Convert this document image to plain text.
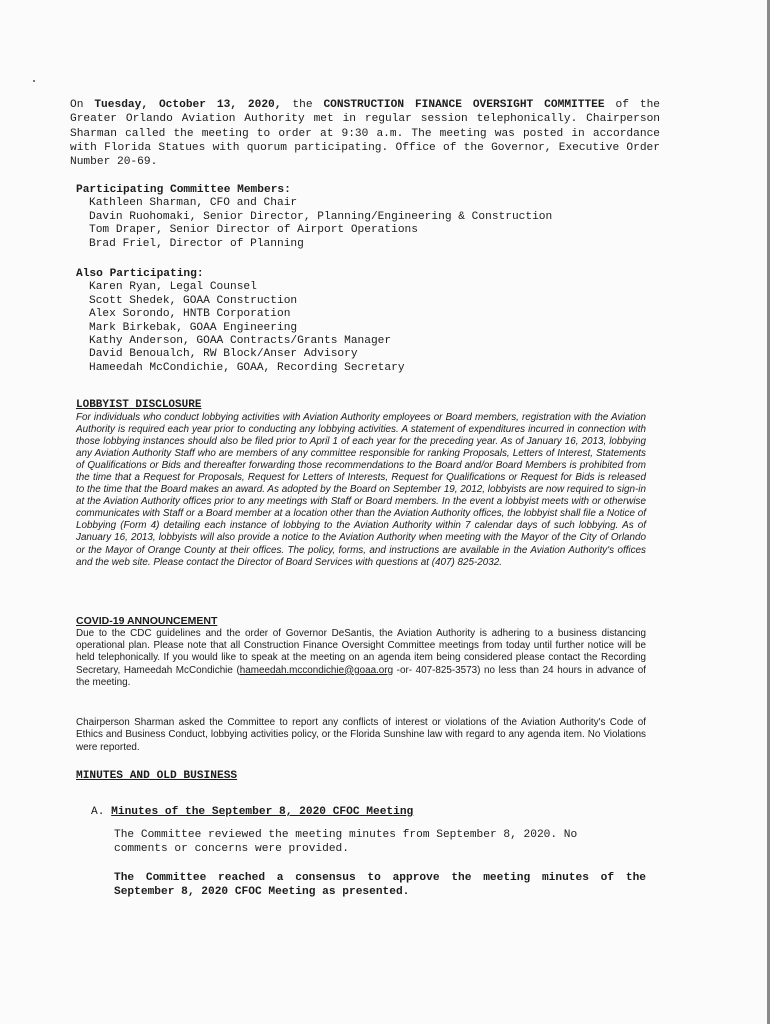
On Tuesday, October 13, 2020, the CONSTRUCTION FINANCE OVERSIGHT COMMITTEE of the Greater Orlando Aviation Authority met in regular session telephonically. Chairperson Sharman called the meeting to order at 9:30 a.m. The meeting was posted in accordance with Florida Statues with quorum participating. Office of the Governor, Executive Order Number 20-69.

Participating Committee Members:
Kathleen Sharman, CFO and Chair
Davin Ruohomaki, Senior Director, Planning/Engineering & Construction
Tom Draper, Senior Director of Airport Operations
Brad Friel, Director of Planning
Also Participating:
Karen Ryan, Legal Counsel
Scott Shedek, GOAA Construction
Alex Sorondo, HNTB Corporation
Mark Birkebak, GOAA Engineering
Kathy Anderson, GOAA Contracts/Grants Manager
David Benoualch, RW Block/Anser Advisory
Hameedah McCondichie, GOAA, Recording Secretary
LOBBYIST DISCLOSURE
For individuals who conduct lobbying activities with Aviation Authority employees or Board members, registration with the Aviation Authority is required each year prior to conducting any lobbying activities. A statement of expenditures incurred in connection with those lobbying instances should also be filed prior to April 1 of each year for the preceding year. As of January 16, 2013, lobbying any Aviation Authority Staff who are members of any committee responsible for ranking Proposals, Letters of Interest, Statements of Qualifications or Bids and thereafter forwarding those recommendations to the Board and/or Board Members is prohibited from the time that a Request for Proposals, Request for Letters of Interests, Request for Qualifications or Request for Bids is released to the time that the Board makes an award. As adopted by the Board on September 19, 2012, lobbyists are now required to sign-in at the Aviation Authority offices prior to any meetings with Staff or Board members. In the event a lobbyist meets with or otherwise communicates with Staff or a Board member at a location other than the Aviation Authority offices, the lobbyist shall file a Notice of Lobbying (Form 4) detailing each instance of lobbying to the Aviation Authority within 7 calendar days of such lobbying. As of January 16, 2013, lobbyists will also provide a notice to the Aviation Authority when meeting with the Mayor of the City of Orlando or the Mayor of Orange County at their offices. The policy, forms, and instructions are available in the Aviation Authority's offices and the web site. Please contact the Director of Board Services with questions at (407) 825-2032.
COVID-19 ANNOUNCEMENT
Due to the CDC guidelines and the order of Governor DeSantis, the Aviation Authority is adhering to a business distancing operational plan. Please note that all Construction Finance Oversight Committee meetings from today until further notice will be held telephonically. If you would like to speak at the meeting on an agenda item being considered please contact the Recording Secretary, Hameedah McCondichie (hameedah.mccondichie@goaa.org -or- 407-825-3573) no less than 24 hours in advance of the meeting.
Chairperson Sharman asked the Committee to report any conflicts of interest or violations of the Aviation Authority's Code of Ethics and Business Conduct, lobbying activities policy, or the Florida Sunshine law with regard to any agenda item. No Violations were reported.
MINUTES AND OLD BUSINESS
A. Minutes of the September 8, 2020 CFOC Meeting
The Committee reviewed the meeting minutes from September 8, 2020. No comments or concerns were provided.
The Committee reached a consensus to approve the meeting minutes of the September 8, 2020 CFOC Meeting as presented.
